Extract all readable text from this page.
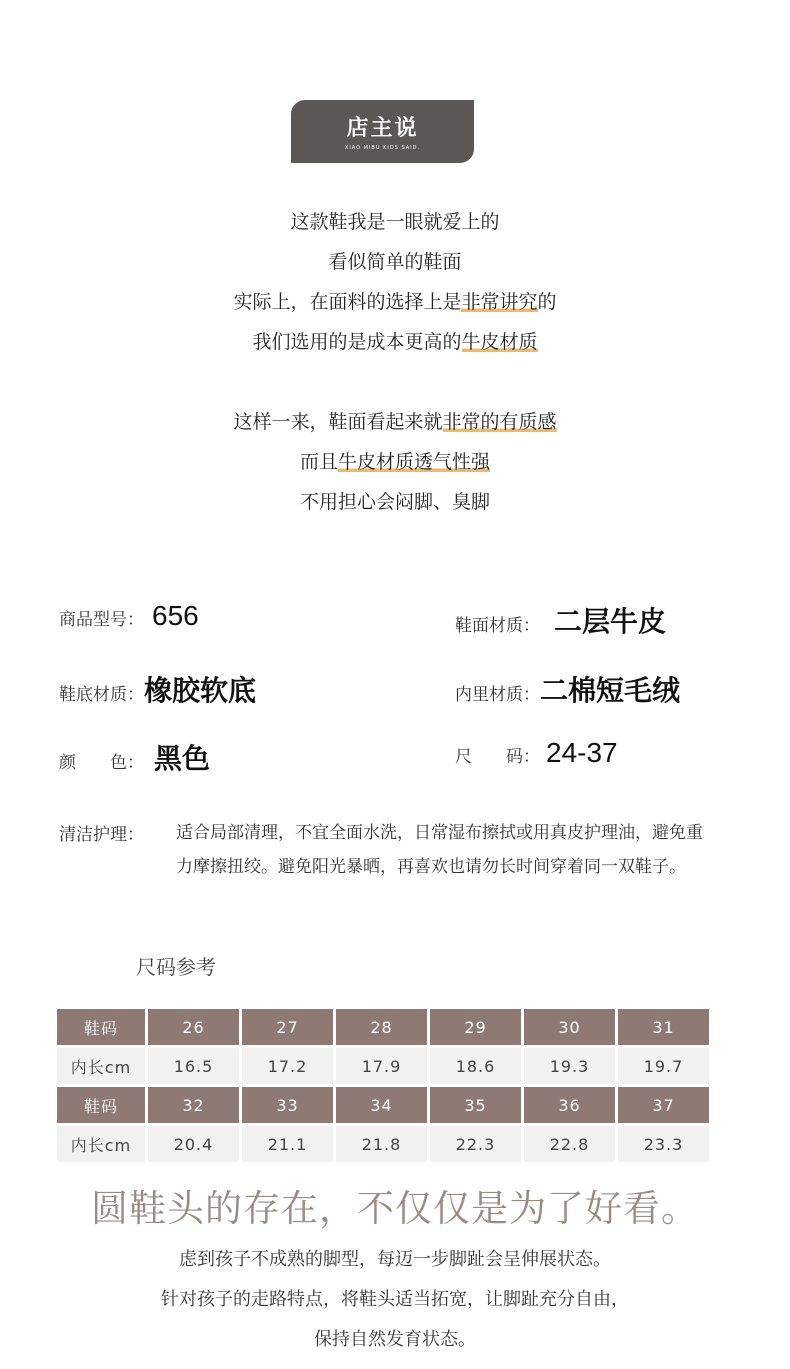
店主说
XIAO MIBU KIDS SAID.
这款鞋我是一眼就爱上的
看似简单的鞋面
实际上，在面料的选择上是非常讲究的
我们选用的是成本更高的牛皮材质
这样一来，鞋面看起来就非常的有质感
而且牛皮材质透气性强
不用担心会闷脚、臭脚
商品型号： 656	鞋面材质： 二层牛皮
鞋底材质：橡胶软底	内里材质：二棉短毛绒
颜　　色： 黑色	尺　　码： 24-37
清洁护理： 适合局部清理，不宜全面水洗，日常湿布擦拭或用真皮护理油，避免重力摩擦扭绞。避免阳光暴晒，再喜欢也请勿长时间穿着同一双鞋子。
尺码参考
鞋码	26	27	28	29	30	31
内长cm	16.5	17.2	17.9	18.6	19.3	19.7
鞋码	32	33	34	35	36	37
内长cm	20.4	21.1	21.8	22.3	22.8	23.3
圆鞋头的存在，不仅仅是为了好看。
虑到孩子不成熟的脚型，每迈一步脚趾会呈伸展状态。
针对孩子的走路特点，将鞋头适当拓宽，让脚趾充分自由，
保持自然发育状态。
